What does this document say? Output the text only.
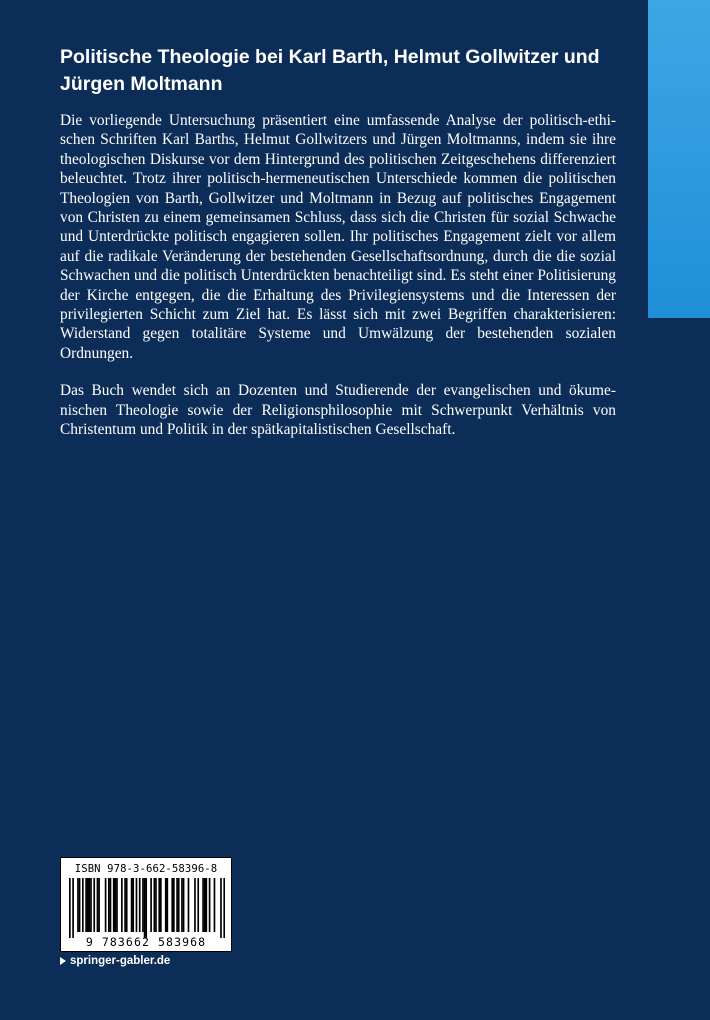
Politische Theologie bei Karl Barth, Helmut Gollwitzer und Jürgen Moltmann

Die vorliegende Untersuchung präsentiert eine umfassende Analyse der politisch-ethischen Schriften Karl Barths, Helmut Gollwitzers und Jürgen Moltmanns, indem sie ihre theologischen Diskurse vor dem Hintergrund des politischen Zeitgeschehens differenziert beleuchtet. Trotz ihrer politisch-hermeneutischen Unterschiede kommen die politischen Theologien von Barth, Gollwitzer und Moltmann in Bezug auf politisches Engagement von Christen zu einem gemeinsamen Schluss, dass sich die Christen für sozial Schwache und Unterdrückte politisch engagieren sollen. Ihr politisches Engagement zielt vor allem auf die radikale Veränderung der bestehenden Gesellschaftsordnung, durch die die sozial Schwachen und die politisch Unterdrückten benachteiligt sind. Es steht einer Politisierung der Kirche entgegen, die die Erhaltung des Privilegiensystems und die Interessen der privilegierten Schicht zum Ziel hat. Es lässt sich mit zwei Begriffen charakterisieren: Widerstand gegen totalitäre Systeme und Umwälzung der bestehenden sozialen Ordnungen.

Das Buch wendet sich an Dozenten und Studierende der evangelischen und ökumenischen Theologie sowie der Religionsphilosophie mit Schwerpunkt Verhältnis von Christentum und Politik in der spätkapitalistischen Gesellschaft.

ISBN 978-3-662-58396-8
9 783662 583968
springer-gabler.de
